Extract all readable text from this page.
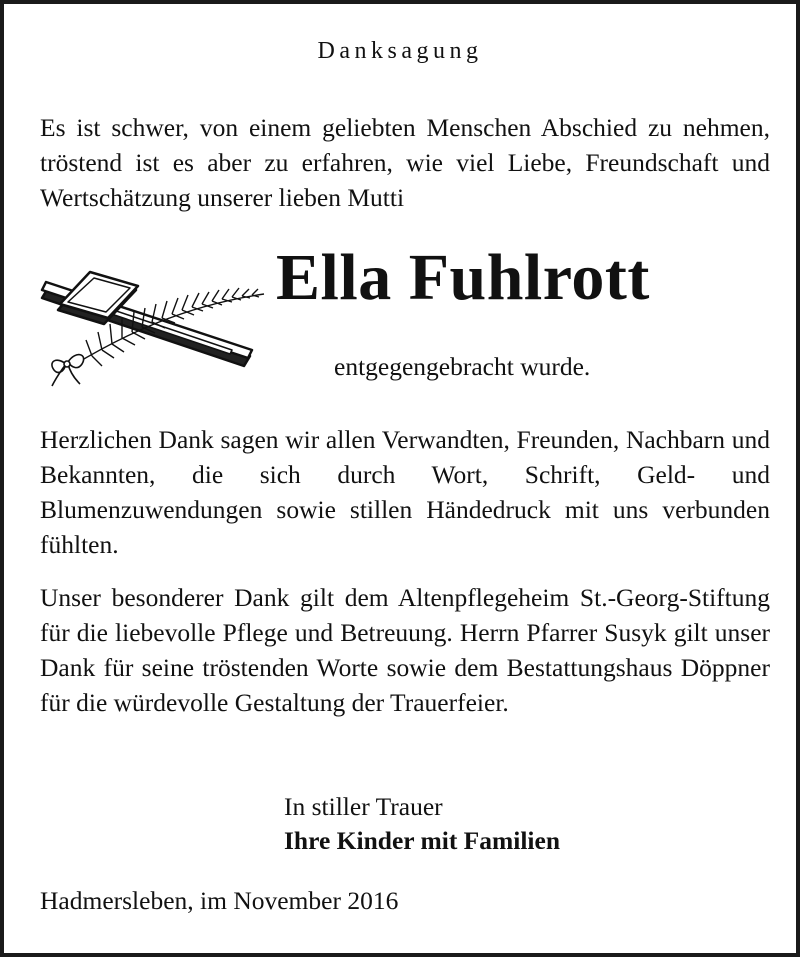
Danksagung

Es ist schwer, von einem geliebten Menschen Abschied zu nehmen, tröstend ist es aber zu erfahren, wie viel Liebe, Freundschaft und Wertschätzung unserer lieben Mutti

Ella Fuhlrott
entgegengebracht wurde.

Herzlichen Dank sagen wir allen Verwandten, Freunden, Nachbarn und Bekannten, die sich durch Wort, Schrift, Geld- und Blumenzuwendungen sowie stillen Händedruck mit uns verbunden fühlten.

Unser besonderer Dank gilt dem Altenpflegeheim St.-Georg-Stiftung für die liebevolle Pflege und Betreuung. Herrn Pfarrer Susyk gilt unser Dank für seine tröstenden Worte sowie dem Bestattungshaus Döppner für die würdevolle Gestaltung der Trauerfeier.

In stiller Trauer
Ihre Kinder mit Familien
Hadmersleben, im November 2016
